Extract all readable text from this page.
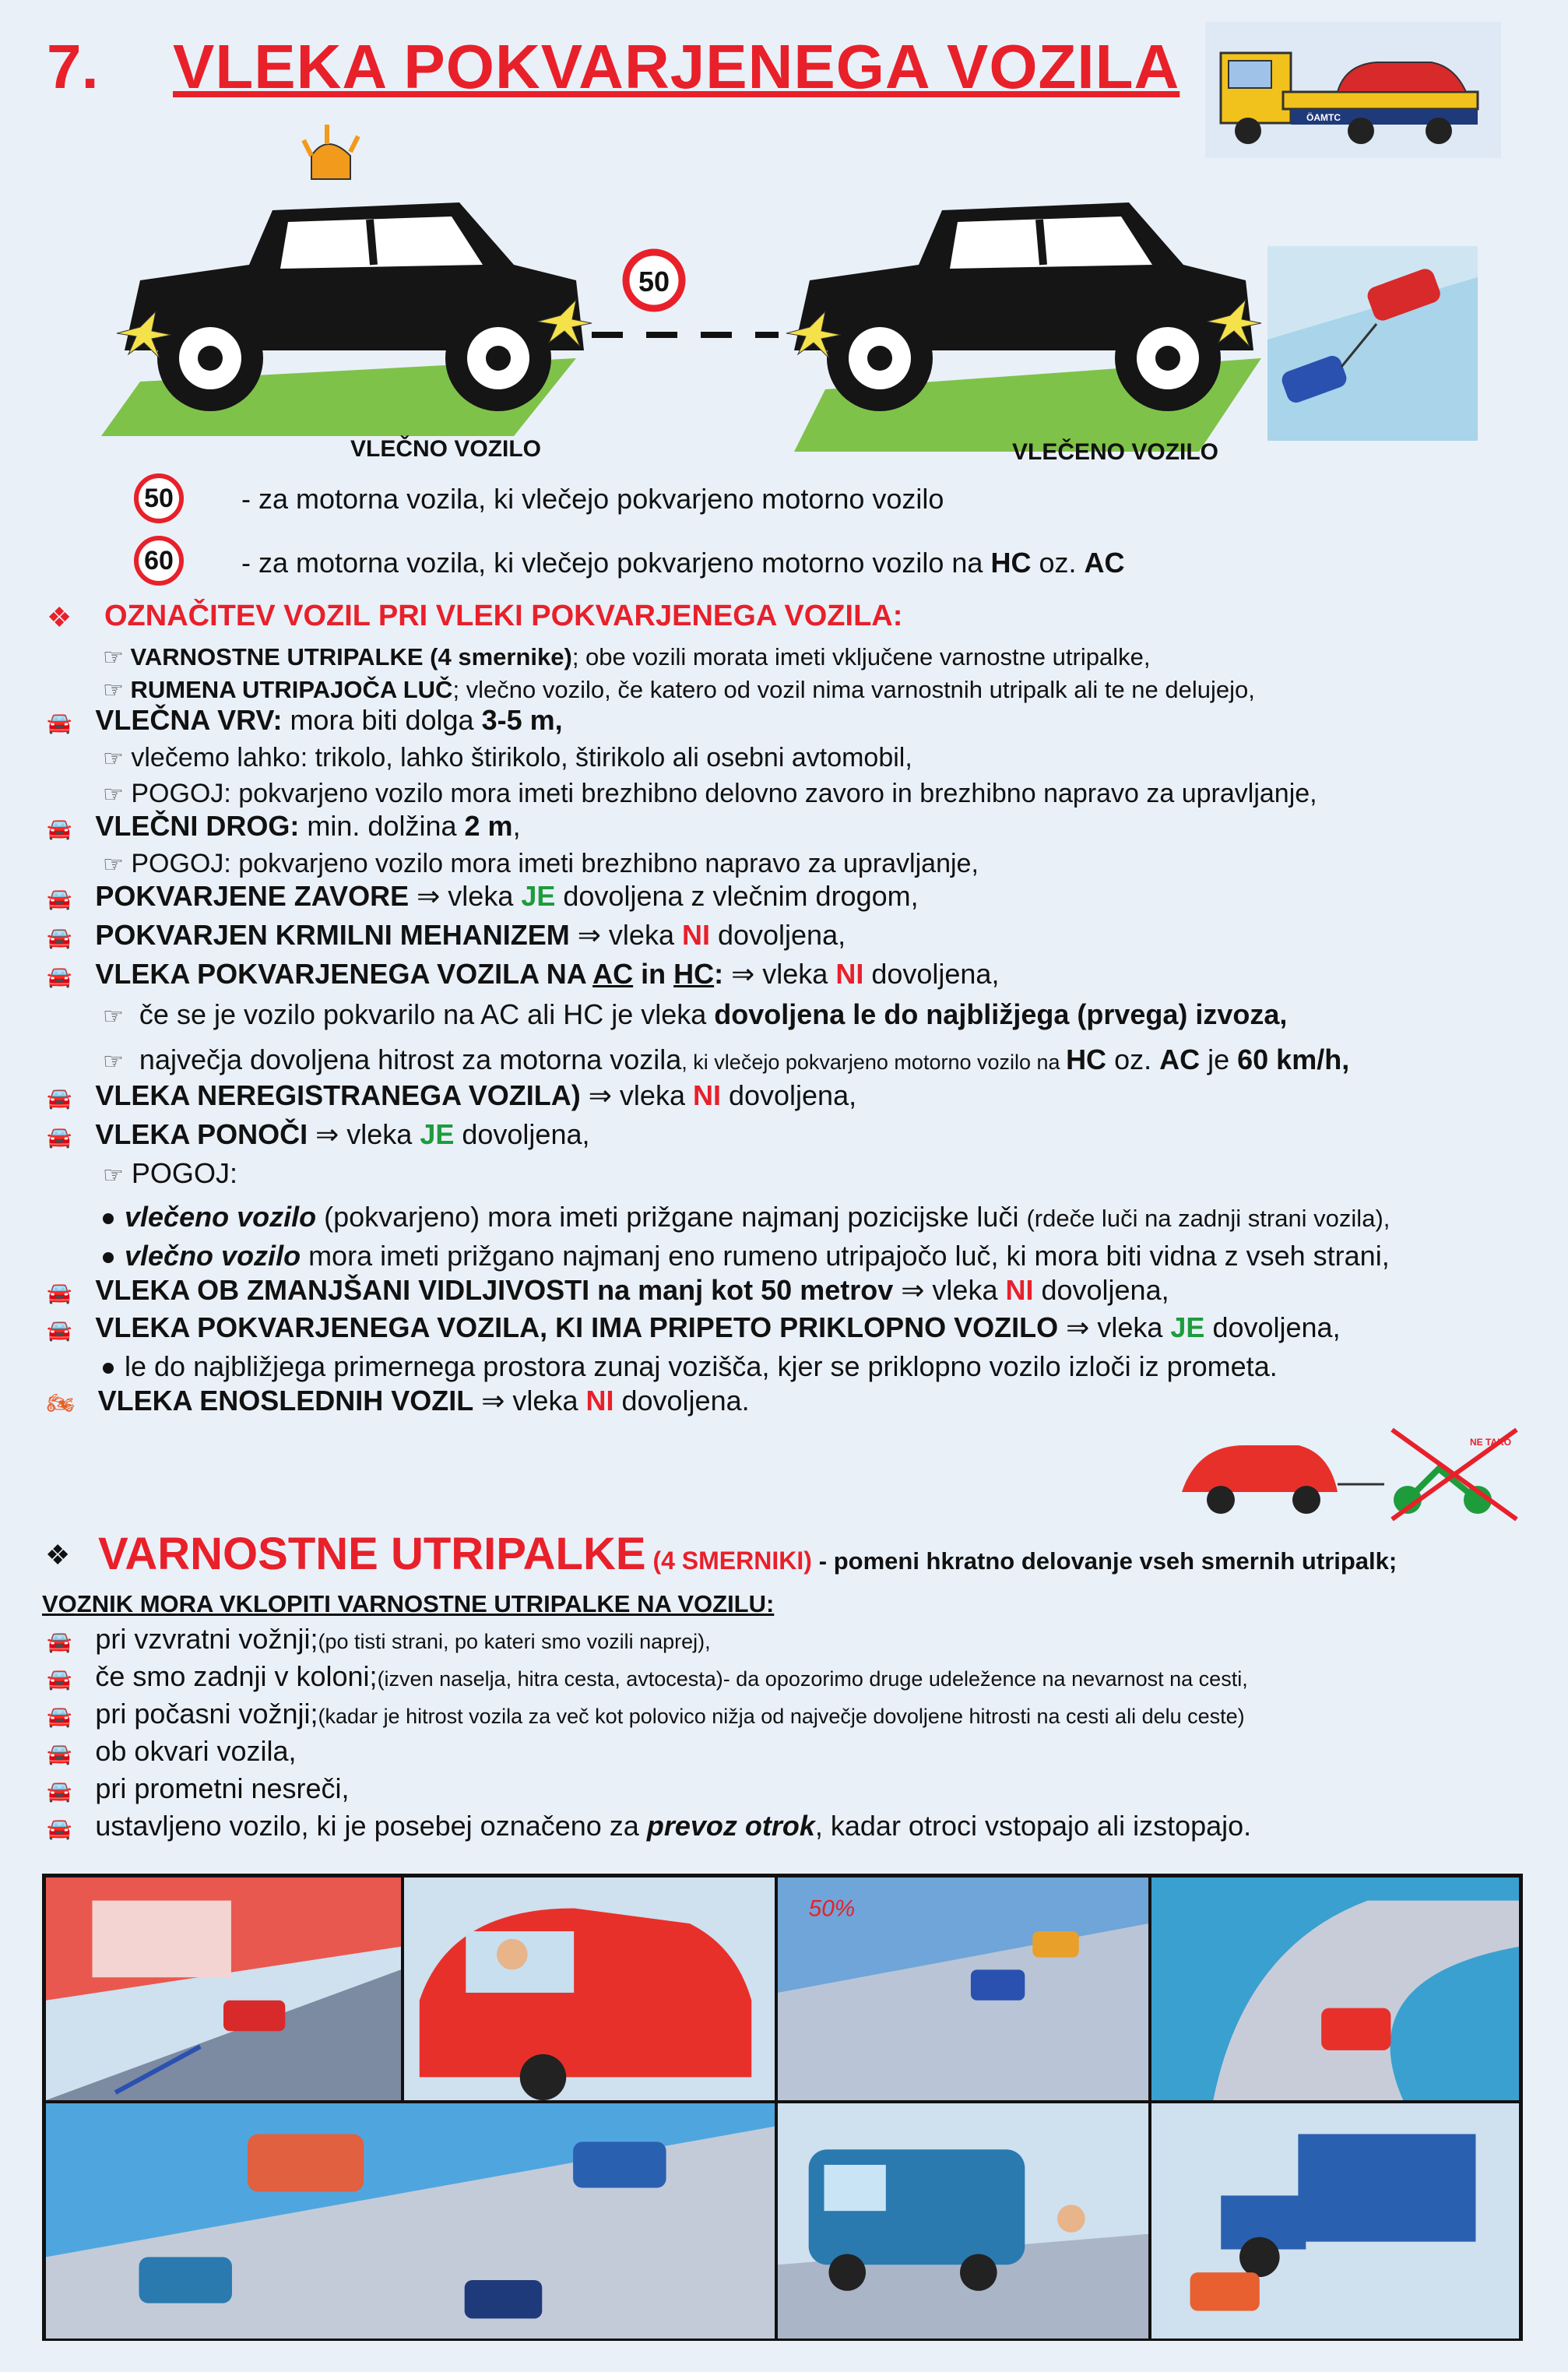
7. VLEKA POKVARJENEGA VOZILA
ÖAMTC
50
VLEČNO VOZILO	VLEČENO VOZILO
50 - za motorna vozila, ki vlečejo pokvarjeno motorno vozilo
60 - za motorna vozila, ki vlečejo pokvarjeno motorno vozilo na HC oz. AC
❖ OZNAČITEV VOZIL PRI VLEKI POKVARJENEGA VOZILA:
☞ VARNOSTNE UTRIPALKE (4 smernike); obe vozili morata imeti vključene varnostne utripalke,
☞ RUMENA UTRIPAJOČA LUČ; vlečno vozilo, če katero od vozil nima varnostnih utripalk ali te ne delujejo,
🚘 VLEČNA VRV: mora biti dolga 3-5 m,
☞ vlečemo lahko: trikolo, lahko štirikolo, štirikolo ali osebni avtomobil,
☞ POGOJ: pokvarjeno vozilo mora imeti brezhibno delovno zavoro in brezhibno napravo za upravljanje,
🚘 VLEČNI DROG: min. dolžina 2 m,
☞ POGOJ: pokvarjeno vozilo mora imeti brezhibno napravo za upravljanje,
🚘 POKVARJENE ZAVORE ⇒ vleka JE dovoljena z vlečnim drogom,
🚘 POKVARJEN KRMILNI MEHANIZEM ⇒ vleka NI dovoljena,
🚘 VLEKA POKVARJENEGA VOZILA NA AC in HC: ⇒ vleka NI dovoljena,
☞ če se je vozilo pokvarilo na AC ali HC je vleka dovoljena le do najbližjega (prvega) izvoza,
☞ največja dovoljena hitrost za motorna vozila, ki vlečejo pokvarjeno motorno vozilo na HC oz. AC je 60 km/h,
🚘 VLEKA NEREGISTRANEGA VOZILA) ⇒ vleka NI dovoljena,
🚘 VLEKA PONOČI ⇒ vleka JE dovoljena,
☞ POGOJ:
vlečeno vozilo (pokvarjeno) mora imeti prižgane najmanj pozicijske luči (rdeče luči na zadnji strani vozila),
vlečno vozilo mora imeti prižgano najmanj eno rumeno utripajočo luč, ki mora biti vidna z vseh strani,
🚘 VLEKA OB ZMANJŠANI VIDLJIVOSTI na manj kot 50 metrov ⇒ vleka NI dovoljena,
🚘 VLEKA POKVARJENEGA VOZILA, KI IMA PRIPETO PRIKLOPNO VOZILO ⇒ vleka JE dovoljena,
le do najbližjega primernega prostora zunaj vozišča, kjer se priklopno vozilo izloči iz prometa.
🏍 VLEKA ENOSLEDNIH VOZIL ⇒ vleka NI dovoljena.
NE TAKO
❖ VARNOSTNE UTRIPALKE (4 SMERNIKI) - pomeni hkratno delovanje vseh smernih utripalk;
VOZNIK MORA VKLOPITI VARNOSTNE UTRIPALKE NA VOZILU:
🚘 pri vzvratni vožnji;(po tisti strani, po kateri smo vozili naprej),
🚘 če smo zadnji v koloni;(izven naselja, hitra cesta, avtocesta)- da opozorimo druge udeležence na nevarnost na cesti,
🚘 pri počasni vožnji;(kadar je hitrost vozila za več kot polovico nižja od največje dovoljene hitrosti na cesti ali delu ceste)
🚘 ob okvari vozila,
🚘 pri prometni nesreči,
🚘 ustavljeno vozilo, ki je posebej označeno za prevoz otrok, kadar otroci vstopajo ali izstopajo.
50%
